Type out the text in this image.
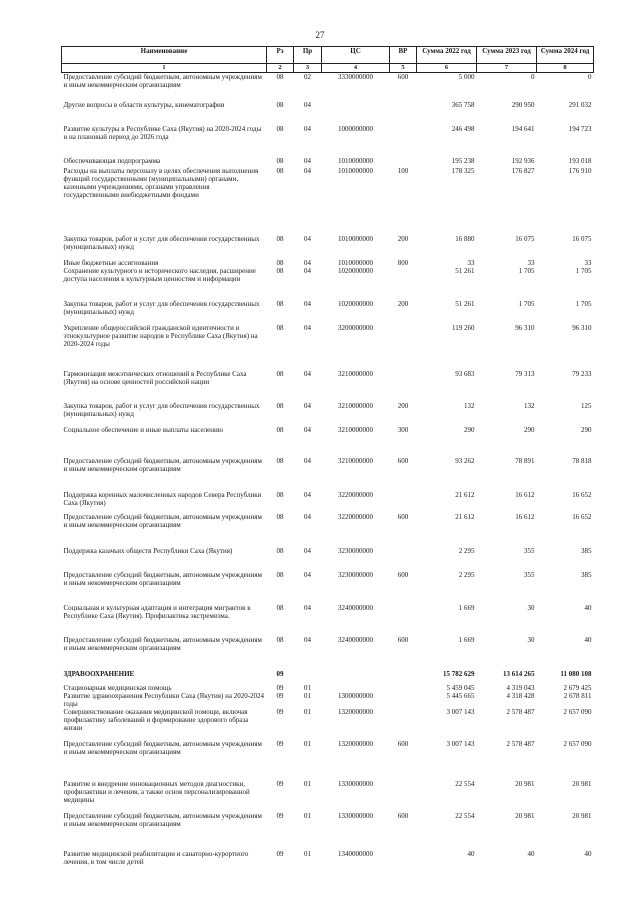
27
Наименование	Рз	Пр	ЦС	ВР	Сумма 2022 год	Сумма 2023 год	Сумма 2024 год
1	2	3	4	5	6	7	8
Предоставление субсидий бюджетным, автономным учреждениям и иным некоммерческим организациям	08	02	3330000000	600	5 000	0	0
Другие вопросы в области культуры, кинематографии	08	04			365 758	290 950	291 032
Развитие культуры в Республике Саха (Якутия) на 2020-2024 годы и на плановый период до 2026 года	08	04	1000000000		246 498	194 641	194 723
Обеспечивающая подпрограмма	08	04	1010000000		195 238	192 936	193 018
Расходы на выплаты персоналу в целях обеспечения выполнения функций государственными (муниципальными) органами, казенными учреждениями, органами управления государственными внебюджетными фондами	08	04	1010000000	100	178 325	176 827	176 910
Закупка товаров, работ и услуг для обеспечения государственных (муниципальных) нужд	08	04	1010000000	200	16 880	16 075	16 075
Иные бюджетные ассигнования	08	04	1010000000	800	33	33	33
Сохранение культурного и исторического наследия, расширение доступа населения к культурным ценностям и информации	08	04	1020000000		51 261	1 705	1 705
Закупка товаров, работ и услуг для обеспечения государственных (муниципальных) нужд	08	04	1020000000	200	51 261	1 705	1 705
Укрепление общероссийской гражданской идентичности и этнокультурное развитие народов в Республике Саха (Якутия) на 2020-2024 годы	08	04	3200000000		119 260	96 310	96 310
Гармонизация межэтнических отношений в Республике Саха (Якутия) на основе ценностей российской нации	08	04	3210000000		93 683	79 313	79 233
Закупка товаров, работ и услуг для обеспечения государственных (муниципальных) нужд	08	04	3210000000	200	132	132	125
Социальное обеспечение и иные выплаты населению	08	04	3210000000	300	290	290	290
Предоставление субсидий бюджетным, автономным учреждениям и иным некоммерческим организациям	08	04	3210000000	600	93 262	78 891	78 818
Поддержка коренных малочисленных народов Севера Республики Саха (Якутия)	08	04	3220000000		21 612	16 612	16 652
Предоставление субсидий бюджетным, автономным учреждениям и иным некоммерческим организациям	08	04	3220000000	600	21 612	16 612	16 652
Поддержка казачьих обществ Республики Саха (Якутия)	08	04	3230000000		2 295	355	385
Предоставление субсидий бюджетным, автономным учреждениям и иным некоммерческим организациям	08	04	3230000000	600	2 295	355	385
Социальная и культурная адаптация и интеграция мигрантов в Республике Саха (Якутия). Профилактика экстремизма.	08	04	3240000000		1 669	30	40
Предоставление субсидий бюджетным, автономным учреждениям и иным некоммерческим организациям	08	04	3240000000	600	1 669	30	40
ЗДРАВООХРАНЕНИЕ	09				15 782 629	13 614 265	11 080 108
Стационарная медицинская помощь	09	01			5 459 045	4 319 043	2 679 425
Развитие здравоохранения Республики Саха (Якутия) на 2020-2024 годы	09	01	1300000000		5 445 665	4 318 428	2 678 811
Совершенствование оказания медицинской помощи, включая профилактику заболеваний и формирование здорового образа жизни	09	01	1320000000		3 007 143	2 578 487	2 657 090
Предоставление субсидий бюджетным, автономным учреждениям и иным некоммерческим организациям	09	01	1320000000	600	3 007 143	2 578 487	2 657 090
Развитие и внедрение инновационных методов диагностики, профилактики и лечения, а также основ персонализированной медицины	09	01	1330000000		22 554	20 981	20 981
Предоставление субсидий бюджетным, автономным учреждениям и иным некоммерческим организациям	09	01	1330000000	600	22 554	20 981	20 981
Развитие медицинской реабилитации и санаторно-курортного лечения, в том числе детей	09	01	1340000000		40	40	40
